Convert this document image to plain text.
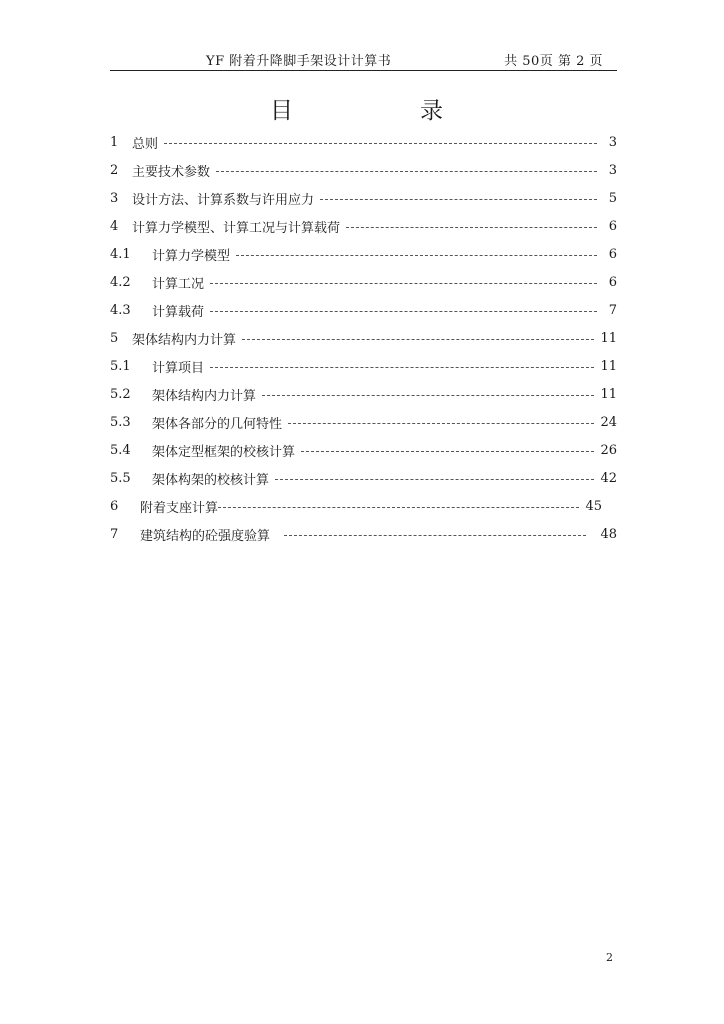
YF 附着升降脚手架设计计算书	共 50页 第 2 页
目	录
1	总则	3
2	主要技术参数	3
3	设计方法、计算系数与许用应力	5
4	计算力学模型、计算工况与计算载荷	6
4.1	计算力学模型	6
4.2	计算工况	6
4.3	计算载荷	7
5	架体结构内力计算	11
5.1	计算项目	11
5.2	架体结构内力计算	11
5.3	架体各部分的几何特性	24
5.4	架体定型框架的校核计算	26
5.5	架体构架的校核计算	42
6	附着支座计算	45
7	建筑结构的砼强度验算	48
2
